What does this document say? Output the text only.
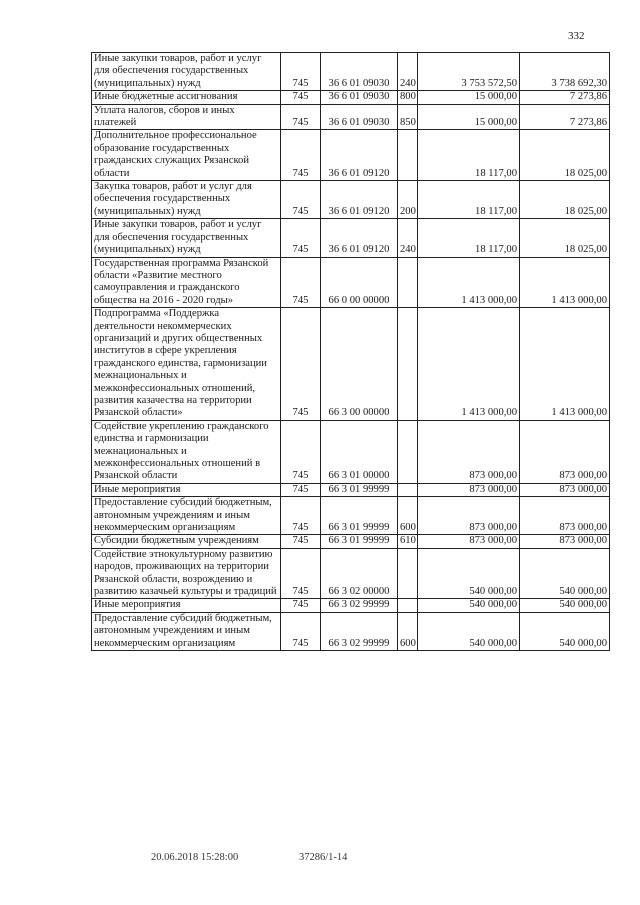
332
Иные закупки товаров, работ и услуг для обеспечения государственных (муниципальных) нужд	745	36 6 01 09030	240	3 753 572,50	3 738 692,30
Иные бюджетные ассигнования	745	36 6 01 09030	800	15 000,00	7 273,86
Уплата налогов, сборов и иных платежей	745	36 6 01 09030	850	15 000,00	7 273,86
Дополнительное профессиональное образование государственных гражданских служащих Рязанской области	745	36 6 01 09120		18 117,00	18 025,00
Закупка товаров, работ и услуг для обеспечения государственных (муниципальных) нужд	745	36 6 01 09120	200	18 117,00	18 025,00
Иные закупки товаров, работ и услуг для обеспечения государственных (муниципальных) нужд	745	36 6 01 09120	240	18 117,00	18 025,00
Государственная программа Рязанской области «Развитие местного самоуправления и гражданского общества на 2016 - 2020 годы»	745	66 0 00 00000		1 413 000,00	1 413 000,00
Подпрограмма «Поддержка деятельности некоммерческих организаций и других общественных институтов в сфере укрепления гражданского единства, гармонизации межнациональных и межконфессиональных отношений, развития казачества на территории Рязанской области»	745	66 3 00 00000		1 413 000,00	1 413 000,00
Содействие укреплению гражданского единства и гармонизации межнациональных и межконфессиональных отношений в Рязанской области	745	66 3 01 00000		873 000,00	873 000,00
Иные мероприятия	745	66 3 01 99999		873 000,00	873 000,00
Предоставление субсидий бюджетным, автономным учреждениям и иным некоммерческим организациям	745	66 3 01 99999	600	873 000,00	873 000,00
Субсидии бюджетным учреждениям	745	66 3 01 99999	610	873 000,00	873 000,00
Содействие этнокультурному развитию народов, проживающих на территории Рязанской области, возрождению и развитию казачьей культуры и традиций	745	66 3 02 00000		540 000,00	540 000,00
Иные мероприятия	745	66 3 02 99999		540 000,00	540 000,00
Предоставление субсидий бюджетным, автономным учреждениям и иным некоммерческим организациям	745	66 3 02 99999	600	540 000,00	540 000,00
20.06.2018 15:28:00	37286/1-14
